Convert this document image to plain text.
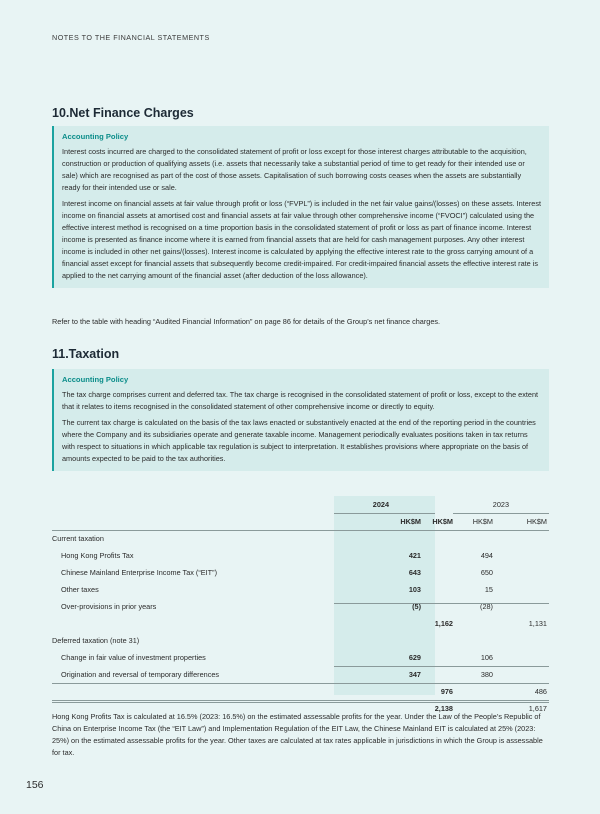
NOTES TO THE FINANCIAL STATEMENTS
10.Net Finance Charges
Accounting Policy

Interest costs incurred are charged to the consolidated statement of profit or loss except for those interest charges attributable to the acquisition, construction or production of qualifying assets (i.e. assets that necessarily take a substantial period of time to get ready for their intended use or sale) which are recognised as part of the cost of those assets. Capitalisation of such borrowing costs ceases when the assets are substantially ready for their intended use or sale.

Interest income on financial assets at fair value through profit or loss (“FVPL”) is included in the net fair value gains/(losses) on these assets. Interest income on financial assets at amortised cost and financial assets at fair value through other comprehensive income (“FVOCI”) calculated using the effective interest method is recognised on a time proportion basis in the consolidated statement of profit or loss as part of finance income. Interest income is presented as finance income where it is earned from financial assets that are held for cash management purposes. Any other interest income is included in other net gains/(losses). Interest income is calculated by applying the effective interest rate to the gross carrying amount of a financial asset except for financial assets that subsequently become credit-impaired. For credit-impaired financial assets the effective interest rate is applied to the net carrying amount of the financial asset (after deduction of the loss allowance).

Refer to the table with heading “Audited Financial Information” on page 86 for details of the Group’s net finance charges.
11.Taxation
Accounting Policy

The tax charge comprises current and deferred tax. The tax charge is recognised in the consolidated statement of profit or loss, except to the extent that it relates to items recognised in the consolidated statement of other comprehensive income or directly to equity.

The current tax charge is calculated on the basis of the tax laws enacted or substantively enacted at the end of the reporting period in the countries where the Company and its subsidiaries operate and generate taxable income. Management periodically evaluates positions taken in tax returns with respect to situations in which applicable tax regulation is subject to interpretation. It establishes provisions where appropriate on the basis of amounts expected to be paid to the tax authorities.

2024	2023
HK$M HK$M	HK$M	HK$M
Current taxation
Hong Kong Profits Tax	421	494
Chinese Mainland Enterprise Income Tax (“EIT”)	643	650
Other taxes	103	15
Over-provisions in prior years	(5)	(28)
1,162	1,131
Deferred taxation (note 31)
Change in fair value of investment properties	629	106
Origination and reversal of temporary differences	347	380
976	486
2,138	1,617
Hong Kong Profits Tax is calculated at 16.5% (2023: 16.5%) on the estimated assessable profits for the year. Under the Law of the People’s Republic of China on Enterprise Income Tax (the “EIT Law”) and Implementation Regulation of the EIT Law, the Chinese Mainland EIT is calculated at 25% (2023: 25%) on the estimated assessable profits for the year. Other taxes are calculated at tax rates applicable in jurisdictions in which the Group is assessable for tax.
156
